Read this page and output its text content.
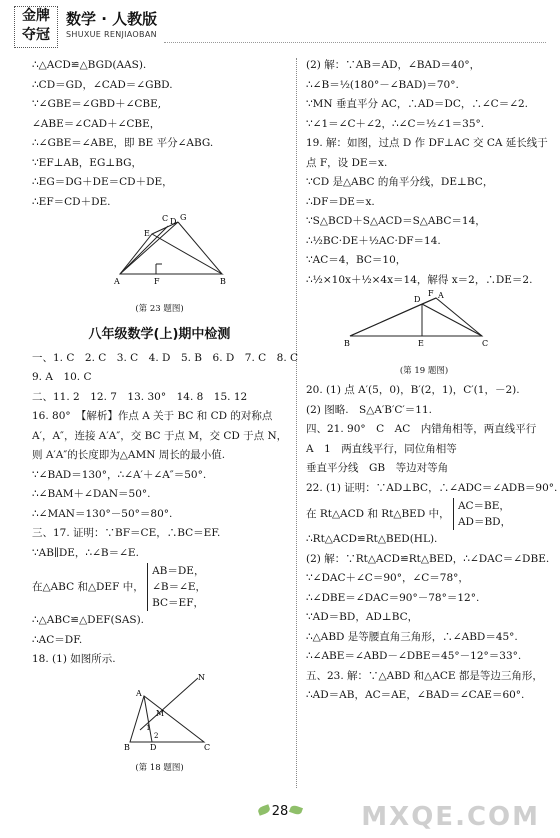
金牌
夺冠
数学 · 人教版
SHUXUE RENJIAOBAN
∴△ACD≌△BGD(AAS).
∴CD＝GD，∠CAD＝∠GBD.
∵∠GBE＝∠GBD＋∠CBE,
∠ABE＝∠CAD＋∠CBE，
∴∠GBE＝∠ABE，即 BE 平分∠ABG.
∵EF⊥AB，EG⊥BG，
∴EG＝DG＋DE＝CD＋DE，
∴EF＝CD＋DE.
A	B
F
E
D G
C
(第 23 题图)
八年级数学(上)期中检测
一、1. C　2. C　3. C　4. D　5. B　6. D　7. C　8. C
9. A　10. C
二、11. 2　12. 7　13. 30°　14. 8　15. 12
16. 80°　【解析】作点 A 关于 BC 和 CD 的对称点
A′，A″，连接 A′A″，交 BC 于点 M，交 CD 于点 N，
则 A′A″的长度即为△AMN 周长的最小值.
∵∠BAD＝130°，∴∠A′＋∠A″＝50°.
∴∠BAM＋∠DAN＝50°.
∴∠MAN＝130°－50°＝80°.
三、17. 证明：∵BF＝CE，∴BC＝EF.
∵AB∥DE，∴∠B＝∠E.
在△ABC 和△DEF 中，
AB＝DE，
∠B＝∠E，
BC＝EF，
∴△ABC≌△DEF(SAS).
∴AC＝DF.
18. (1) 如图所示.
B	D	C
A
N
M
1
2
(第 18 题图)
(2) 解：∵AB＝AD，∠BAD＝40°，
∴∠B＝½(180°－∠BAD)＝70°.
∵MN 垂直平分 AC，∴AD＝DC，∴∠C＝∠2.
∵∠1＝∠C＋∠2，∴∠C＝½∠1＝35°.
19. 解：如图，过点 D 作 DF⊥AC 交 CA 延长线于
点 F，设 DE＝x.
∵CD 是△ABC 的角平分线，DE⊥BC，
∴DF＝DE＝x.
∵S△BCD＋S△ACD＝S△ABC＝14，
∴½BC·DE＋½AC·DF＝14.
∵AC＝4，BC＝10，
∴½×10x＋½×4x＝14，解得 x＝2，∴DE＝2.
B	C
E
D A
F
(第 19 题图)
20. (1) 点 A′(5，0)，B′(2，1)，C′(1，－2).
(2) 图略.　S△A′B′C′＝11.
四、21. 90°　C　AC　内错角相等，两直线平行
A　1　两直线平行，同位角相等
垂直平分线　GB　等边对等角
22. (1) 证明：∵AD⊥BC，∴∠ADC＝∠ADB＝90°.
在 Rt△ACD 和 Rt△BED 中，
AC＝BE，
AD＝BD，
∴Rt△ACD≌Rt△BED(HL).
(2) 解：∵Rt△ACD≌Rt△BED，∴∠DAC＝∠DBE.
∵∠DAC＋∠C＝90°，∠C＝78°，
∴∠DBE＝∠DAC＝90°－78°＝12°.
∵AD＝BD，AD⊥BC，
∴△ABD 是等腰直角三角形，∴∠ABD＝45°.
∴∠ABE＝∠ABD－∠DBE＝45°－12°＝33°.
五、23. 解：∵△ABD 和△ACE 都是等边三角形，
∴AD＝AB，AC＝AE，∠BAD＝∠CAE＝60°.
28	MXQE.COM
